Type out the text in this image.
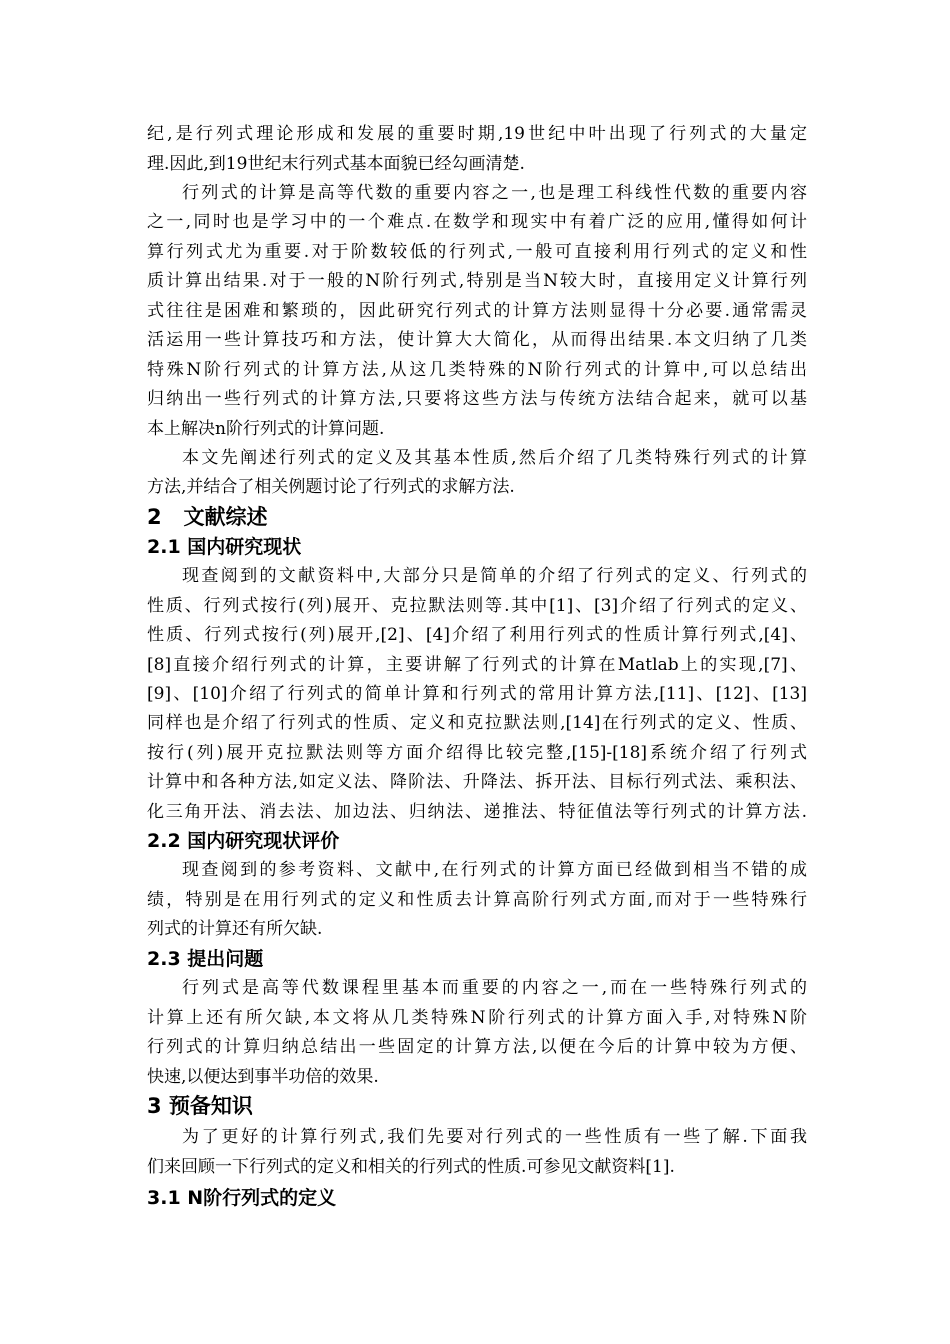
纪,是行列式理论形成和发展的重要时期,19世纪中叶出现了行列式的大量定
理.因此,到19世纪末行列式基本面貌已经勾画清楚.
行列式的计算是高等代数的重要内容之一,也是理工科线性代数的重要内容
之一,同时也是学习中的一个难点.在数学和现实中有着广泛的应用,懂得如何计
算行列式尤为重要.对于阶数较低的行列式,一般可直接利用行列式的定义和性
质计算出结果.对于一般的N阶行列式,特别是当N较大时，直接用定义计算行列
式往往是困难和繁琐的，因此研究行列式的计算方法则显得十分必要.通常需灵
活运用一些计算技巧和方法，使计算大大简化，从而得出结果.本文归纳了几类
特殊N阶行列式的计算方法,从这几类特殊的N阶行列式的计算中,可以总结出
归纳出一些行列式的计算方法,只要将这些方法与传统方法结合起来，就可以基
本上解决n阶行列式的计算问题.
本文先阐述行列式的定义及其基本性质,然后介绍了几类特殊行列式的计算
方法,并结合了相关例题讨论了行列式的求解方法.
2   文献综述
2.1 国内研究现状
现查阅到的文献资料中,大部分只是简单的介绍了行列式的定义、行列式的
性质、行列式按行(列)展开、克拉默法则等.其中[1]、[3]介绍了行列式的定义、
性质、行列式按行(列)展开,[2]、[4]介绍了利用行列式的性质计算行列式,[4]、
[8]直接介绍行列式的计算，主要讲解了行列式的计算在Matlab上的实现,[7]、
[9]、[10]介绍了行列式的简单计算和行列式的常用计算方法,[11]、[12]、[13]
同样也是介绍了行列式的性质、定义和克拉默法则,[14]在行列式的定义、性质、
按行(列)展开克拉默法则等方面介绍得比较完整,[15]-[18]系统介绍了行列式
计算中和各种方法,如定义法、降阶法、升降法、拆开法、目标行列式法、乘积法、
化三角开法、消去法、加边法、归纳法、递推法、特征值法等行列式的计算方法.
2.2 国内研究现状评价
现查阅到的参考资料、文献中,在行列式的计算方面已经做到相当不错的成
绩，特别是在用行列式的定义和性质去计算高阶行列式方面,而对于一些特殊行
列式的计算还有所欠缺.
2.3 提出问题
行列式是高等代数课程里基本而重要的内容之一,而在一些特殊行列式的
计算上还有所欠缺,本文将从几类特殊N阶行列式的计算方面入手,对特殊N阶
行列式的计算归纳总结出一些固定的计算方法,以便在今后的计算中较为方便、
快速,以便达到事半功倍的效果.
3 预备知识
为了更好的计算行列式,我们先要对行列式的一些性质有一些了解.下面我
们来回顾一下行列式的定义和相关的行列式的性质.可参见文献资料[1].
3.1 N阶行列式的定义
